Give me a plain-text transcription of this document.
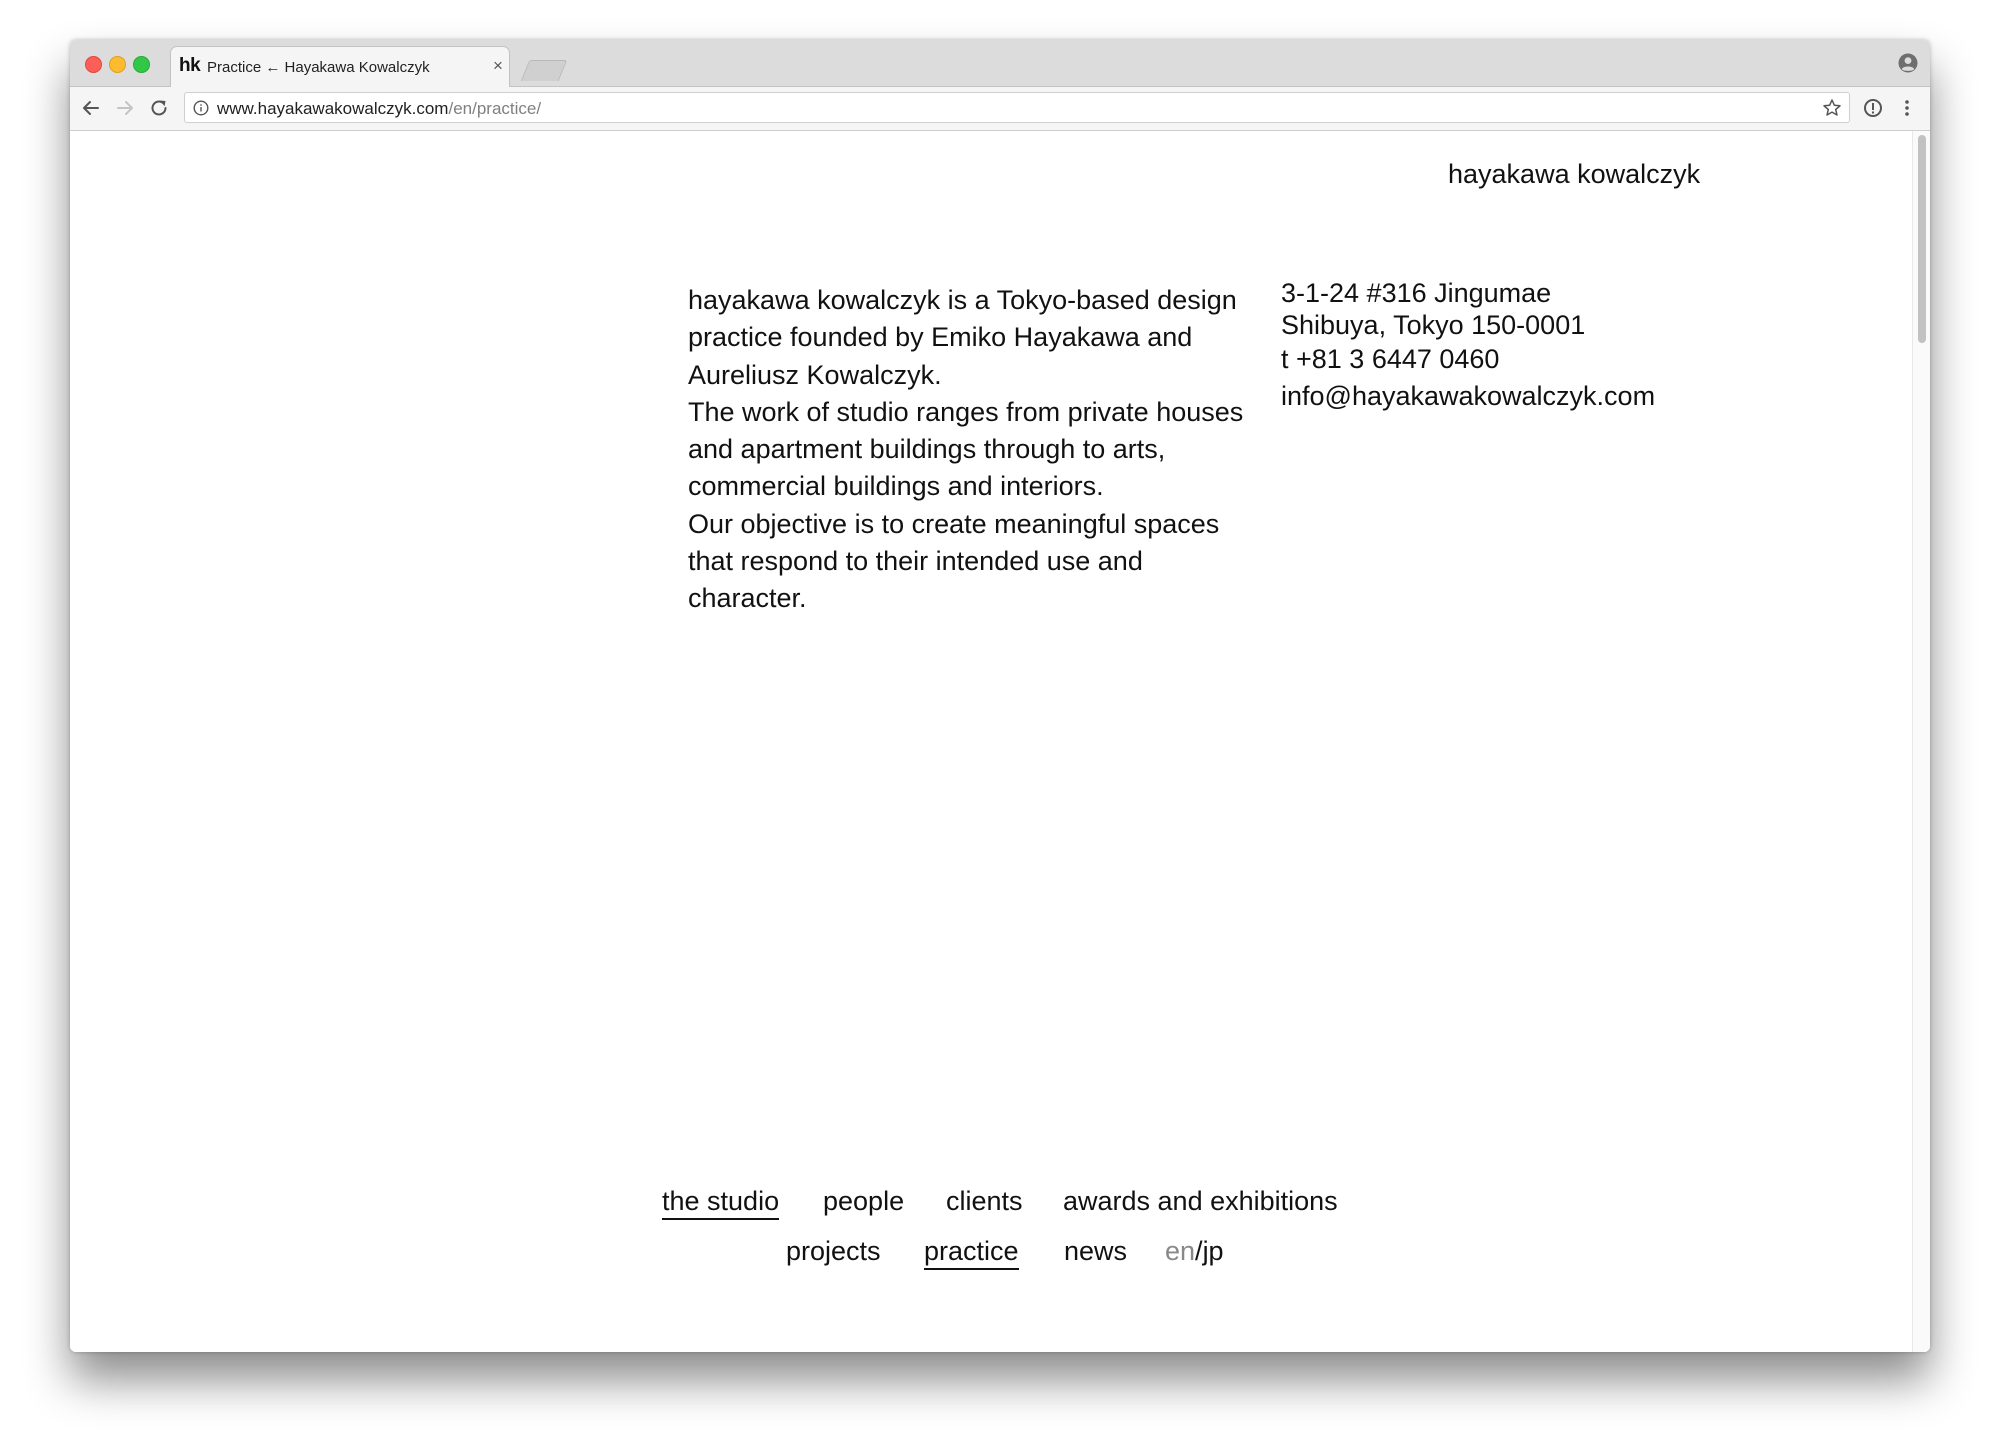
hk Practice ← Hayakawa Kowalczyk	×
www.hayakawakowalczyk.com/en/practice/
hayakawa kowalczyk

hayakawa kowalczyk is a Tokyo-based design practice founded by Emiko Hayakawa and Aureliusz Kowalczyk.

The work of studio ranges from private houses and apartment buildings through to arts, commercial buildings and interiors.

Our objective is to create meaningful spaces that respond to their intended use and character.

3-1-24 #316 Jingumae
Shibuya, Tokyo 150-0001
t +81 3 6447 0460
info@hayakawakowalczyk.com
the studio people clients awards and exhibitions
projects practice news en/jp
